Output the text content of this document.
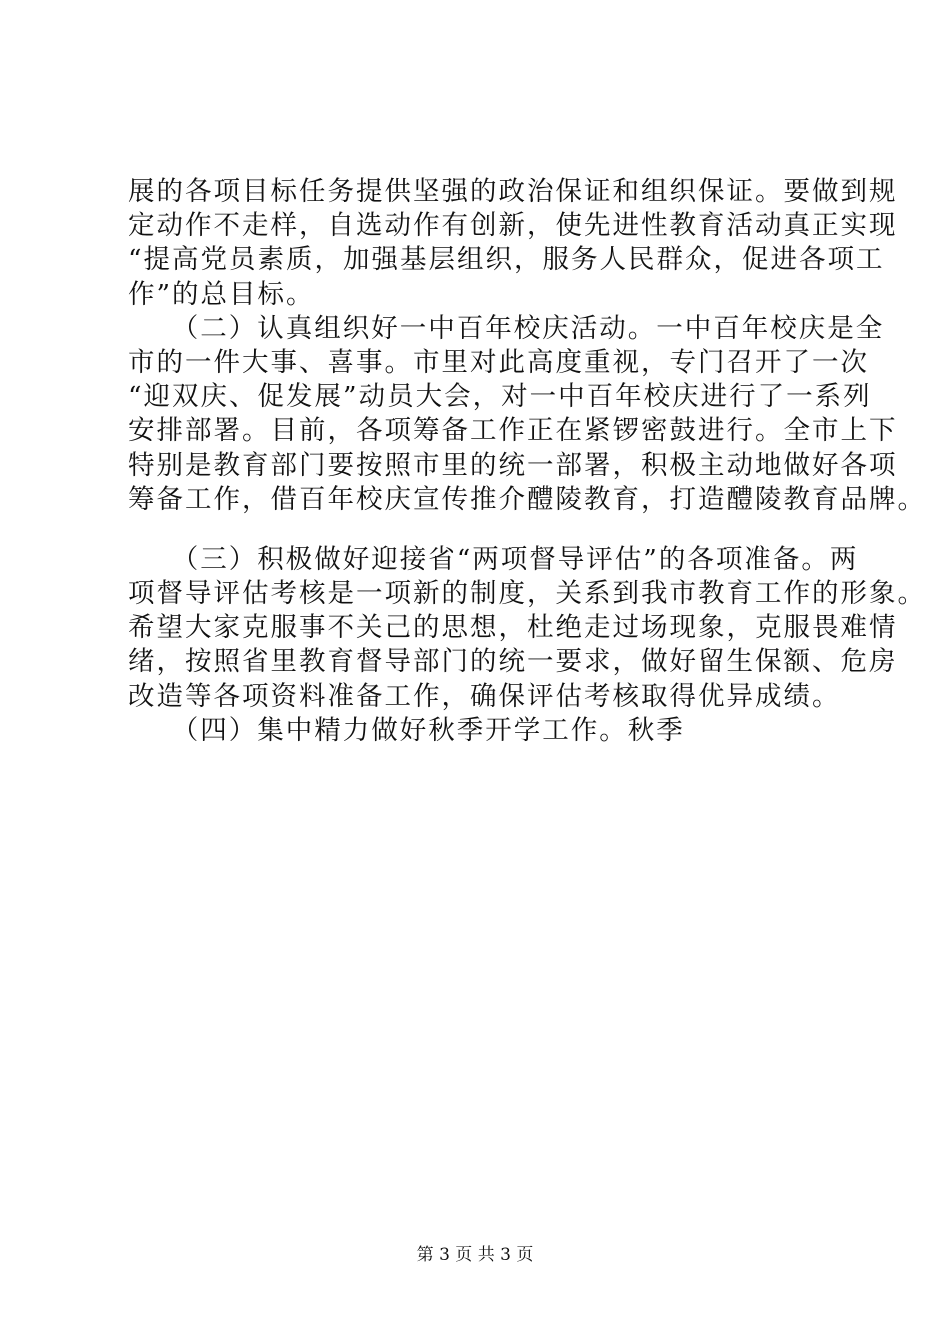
展的各项目标任务提供坚强的政治保证和组织保证。要做到规
定动作不走样，自选动作有创新，使先进性教育活动真正实现
“提高党员素质，加强基层组织，服务人民群众，促进各项工
作”的总目标。
　　（二）认真组织好一中百年校庆活动。一中百年校庆是全
市的一件大事、喜事。市里对此高度重视，专门召开了一次
“迎双庆、促发展”动员大会，对一中百年校庆进行了一系列
安排部署。目前，各项筹备工作正在紧锣密鼓进行。全市上下
特别是教育部门要按照市里的统一部署，积极主动地做好各项
筹备工作，借百年校庆宣传推介醴陵教育，打造醴陵教育品牌。
　　（三）积极做好迎接省“两项督导评估”的各项准备。两
项督导评估考核是一项新的制度，关系到我市教育工作的形象。
希望大家克服事不关己的思想，杜绝走过场现象，克服畏难情
绪，按照省里教育督导部门的统一要求，做好留生保额、危房
改造等各项资料准备工作，确保评估考核取得优异成绩。
　　（四）集中精力做好秋季开学工作。秋季
第 3 页 共 3 页
